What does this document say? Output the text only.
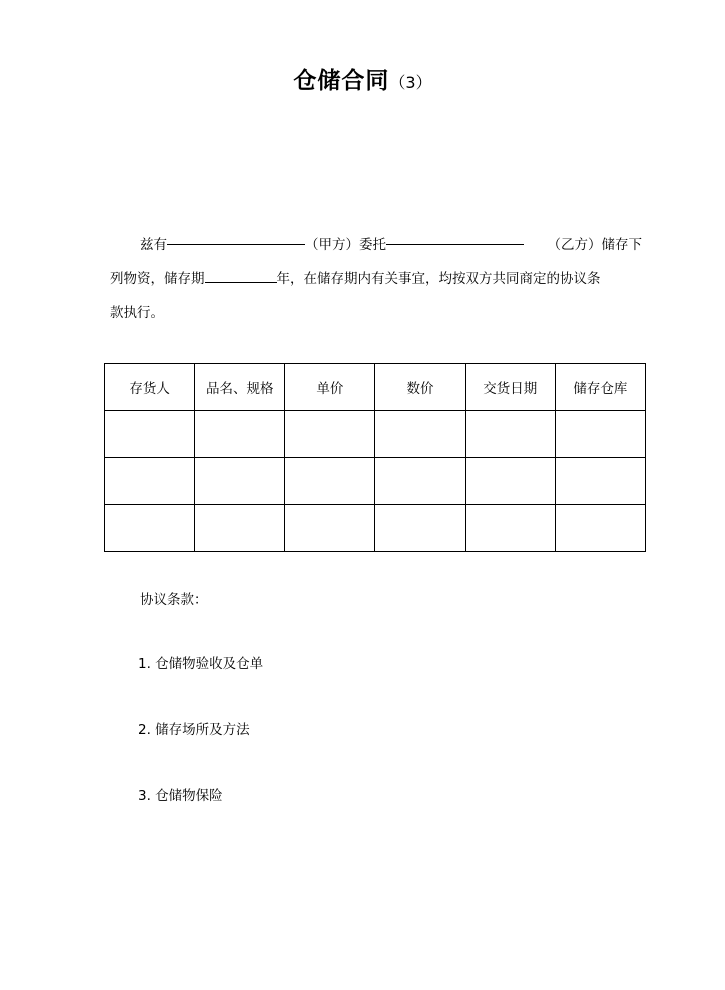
仓储合同（3）
兹有	（甲方）委托	（乙方）储存下
列物资，储存期	年，在储存期内有关事宜，均按双方共同商定的协议条
款执行。
存货人	品名、规格	单价	数价	交货日期	储存仓库

协议条款：
1. 仓储物验收及仓单
2. 储存场所及方法
3. 仓储物保险
